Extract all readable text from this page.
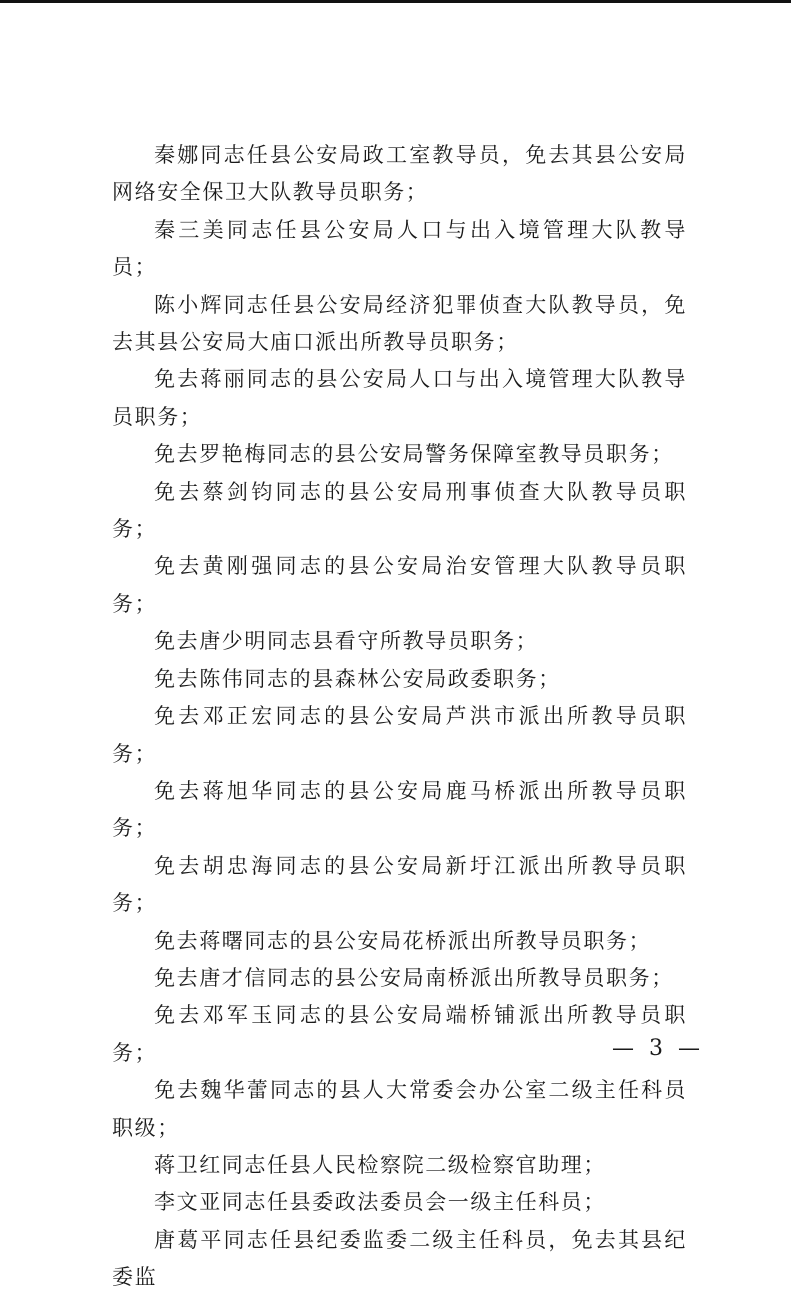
秦娜同志任县公安局政工室教导员，免去其县公安局网络安全保卫大队教导员职务；

秦三美同志任县公安局人口与出入境管理大队教导员；

陈小辉同志任县公安局经济犯罪侦查大队教导员，免去其县公安局大庙口派出所教导员职务；

免去蒋丽同志的县公安局人口与出入境管理大队教导员职务；

免去罗艳梅同志的县公安局警务保障室教导员职务；

免去蔡剑钧同志的县公安局刑事侦查大队教导员职务；

免去黄刚强同志的县公安局治安管理大队教导员职务；

免去唐少明同志县看守所教导员职务；

免去陈伟同志的县森林公安局政委职务；

免去邓正宏同志的县公安局芦洪市派出所教导员职务；

免去蒋旭华同志的县公安局鹿马桥派出所教导员职务；

免去胡忠海同志的县公安局新圩江派出所教导员职务；

免去蒋曙同志的县公安局花桥派出所教导员职务；

免去唐才信同志的县公安局南桥派出所教导员职务；

免去邓军玉同志的县公安局端桥铺派出所教导员职务；

免去魏华蕾同志的县人大常委会办公室二级主任科员职级；

蒋卫红同志任县人民检察院二级检察官助理；

李文亚同志任县委政法委员会一级主任科员；

唐葛平同志任县纪委监委二级主任科员，免去其县纪委监

— 3 —
